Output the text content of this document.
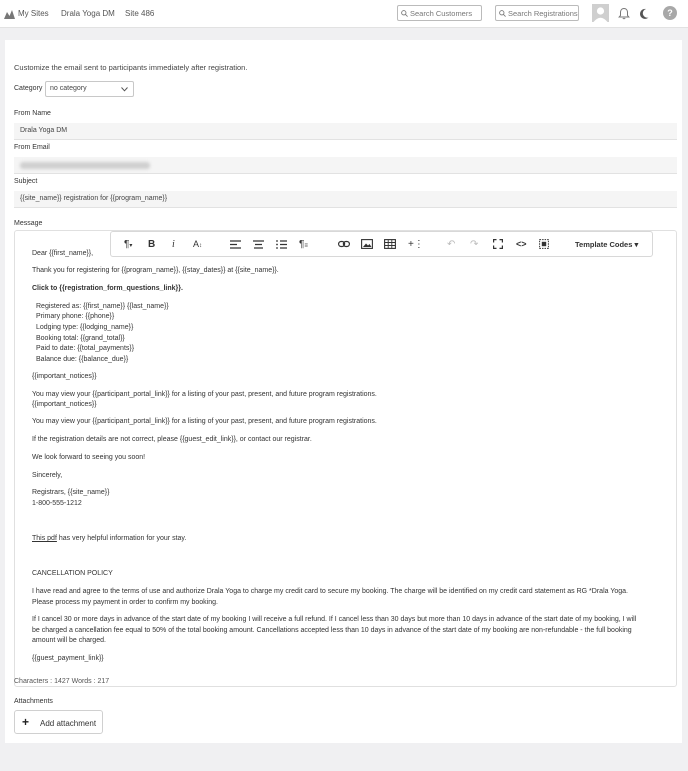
My Sites Drala Yoga DM Site 486	Search Customers	Search Registrations	?
Customize the email sent to participants immediately after registration.
Category	no category
From Name
Drala Yoga DM
From Email
Subject
{{site_name}} registration for {{program_name}}
Message
¶▾ B i A↕	¶≡	+⋮ ↶ ↷	<>	Template Codes ▾
Dear {{first_name}},
Thank you for registering for {{program_name}}, {{stay_dates}} at {{site_name}}.
Click to {{registration_form_questions_link}}.
Registered as: {{first_name}} {{last_name}}
Primary phone: {{phone}}
Lodging type: {{lodging_name}}
Booking total: {{grand_total}}
Paid to date: {{total_payments}}
Balance due: {{balance_due}}
{{important_notices}}
You may view your {{participant_portal_link}} for a listing of your past, present, and future program registrations.
{{important_notices}}
You may view your {{participant_portal_link}} for a listing of your past, present, and future program registrations.
If the registration details are not correct, please {{guest_edit_link}}, or contact our registrar.
We look forward to seeing you soon!
Sincerely,
Registrars, {{site_name}}
1-800-555-1212
This pdf has very helpful information for your stay.
CANCELLATION POLICY
I have read and agree to the terms of use and authorize Drala Yoga to charge my credit card to secure my booking. The charge will be identified on my credit card statement as RG *Drala Yoga.
Please process my payment in order to confirm my booking.
If I cancel 30 or more days in advance of the start date of my booking I will receive a full refund. If I cancel less than 30 days but more than 10 days in advance of the start date of my booking, I will
be charged a cancellation fee equal to 50% of the total booking amount. Cancellations accepted less than 10 days in advance of the start date of my booking are non-refundable - the full booking
amount will be charged.
{{guest_payment_link}}
Characters : 1427 Words : 217
Attachments
+ Add attachment
